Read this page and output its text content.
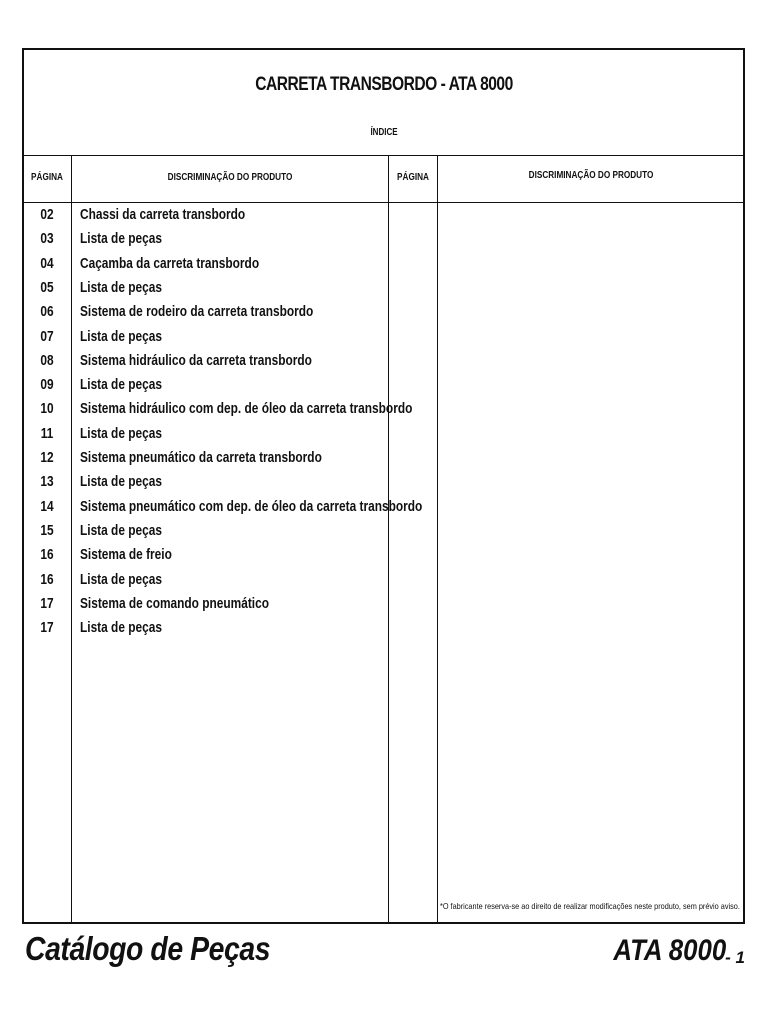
CARRETA TRANSBORDO - ATA 8000
ÍNDICE
PÁGINA	DISCRIMINAÇÃO DO PRODUTO	PÁGINA	DISCRIMINAÇÃO DO PRODUTO
02	Chassi da carreta transbordo
03	Lista de peças
04	Caçamba da carreta transbordo
05	Lista de peças
06	Sistema de rodeiro da carreta transbordo
07	Lista de peças
08	Sistema hidráulico da carreta transbordo
09	Lista de peças
10	Sistema hidráulico com dep. de óleo da carreta transbordo
11	Lista de peças
12	Sistema pneumático da carreta transbordo
13	Lista de peças
14	Sistema pneumático com dep. de óleo da carreta transbordo
15	Lista de peças
16	Sistema de freio
16	Lista de peças
17	Sistema de comando pneumático
17	Lista de peças
*O fabricante reserva-se ao direito de realizar modificações neste produto, sem prévio aviso.
Catálogo de Peças	ATA 8000 - 1
